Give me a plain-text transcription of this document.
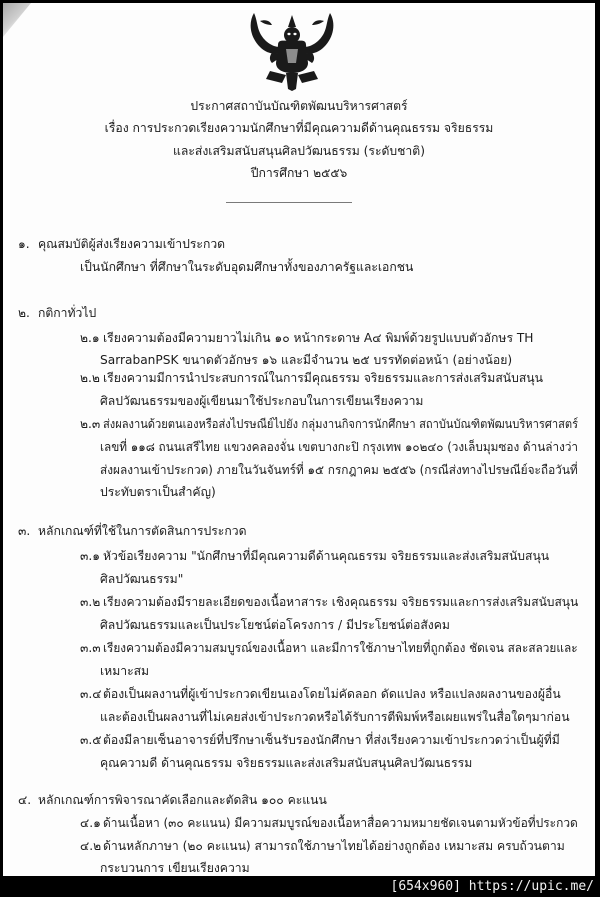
ประกาศสถาบันบัณฑิตพัฒนบริหารศาสตร์
เรื่อง การประกวดเรียงความนักศึกษาที่มีคุณความดีด้านคุณธรรม จริยธรรม
และส่งเสริมสนับสนุนศิลปวัฒนธรรม (ระดับชาติ)
ปีการศึกษา ๒๕๕๖
๑. คุณสมบัติผู้ส่งเรียงความเข้าประกวด
เป็นนักศึกษา ที่ศึกษาในระดับอุดมศึกษาทั้งของภาครัฐและเอกชน
๒. กติกาทั่วไป
๒.๑ เรียงความต้องมีความยาวไม่เกิน ๑๐ หน้ากระดาษ A๔ พิมพ์ด้วยรูปแบบตัวอักษร TH
SarrabanPSK ขนาดตัวอักษร ๑๖ และมีจำนวน ๒๕ บรรทัดต่อหน้า (อย่างน้อย)
๒.๒ เรียงความมีการนำประสบการณ์ในการมีคุณธรรม จริยธรรมและการส่งเสริมสนับสนุน
ศิลปวัฒนธรรมของผู้เขียนมาใช้ประกอบในการเขียนเรียงความ
๒.๓ ส่งผลงานด้วยตนเองหรือส่งไปรษณีย์ไปยัง กลุ่มงานกิจการนักศึกษา สถาบันบัณฑิตพัฒนบริหารศาสตร์
เลขที่ ๑๑๘ ถนนเสรีไทย แขวงคลองจั่น เขตบางกะปิ กรุงเทพ ๑๐๒๔๐ (วงเล็บมุมซอง ด้านล่างว่า
ส่งผลงานเข้าประกวด) ภายในวันจันทร์ที่ ๑๕ กรกฎาคม ๒๕๕๖ (กรณีส่งทางไปรษณีย์จะถือวันที่
ประทับตราเป็นสำคัญ)
๓. หลักเกณฑ์ที่ใช้ในการตัดสินการประกวด
๓.๑ หัวข้อเรียงความ "นักศึกษาที่มีคุณความดีด้านคุณธรรม จริยธรรมและส่งเสริมสนับสนุน
ศิลปวัฒนธรรม"
๓.๒ เรียงความต้องมีรายละเอียดของเนื้อหาสาระ เชิงคุณธรรม จริยธรรมและการส่งเสริมสนับสนุน
ศิลปวัฒนธรรมและเป็นประโยชน์ต่อโครงการ / มีประโยชน์ต่อสังคม
๓.๓ เรียงความต้องมีความสมบูรณ์ของเนื้อหา และมีการใช้ภาษาไทยที่ถูกต้อง ชัดเจน สละสลวยและ
เหมาะสม
๓.๔ ต้องเป็นผลงานที่ผู้เข้าประกวดเขียนเองโดยไม่คัดลอก ดัดแปลง หรือแปลงผลงานของผู้อื่น
และต้องเป็นผลงานที่ไม่เคยส่งเข้าประกวดหรือได้รับการตีพิมพ์หรือเผยแพร่ในสื่อใดๆมาก่อน
๓.๕ ต้องมีลายเซ็นอาจารย์ที่ปรึกษาเซ็นรับรองนักศึกษา ที่ส่งเรียงความเข้าประกวดว่าเป็นผู้ที่มี
คุณความดี ด้านคุณธรรม จริยธรรมและส่งเสริมสนับสนุนศิลปวัฒนธรรม
๔. หลักเกณฑ์การพิจารณาคัดเลือกและตัดสิน ๑๐๐ คะแนน
๔.๑ ด้านเนื้อหา (๓๐ คะแนน) มีความสมบูรณ์ของเนื้อหาสื่อความหมายชัดเจนตามหัวข้อที่ประกวด
๔.๒ ด้านหลักภาษา (๒๐ คะแนน) สามารถใช้ภาษาไทยได้อย่างถูกต้อง เหมาะสม ครบถ้วนตาม
กระบวนการ เขียนเรียงความ
[654x960] https://upic.me/
